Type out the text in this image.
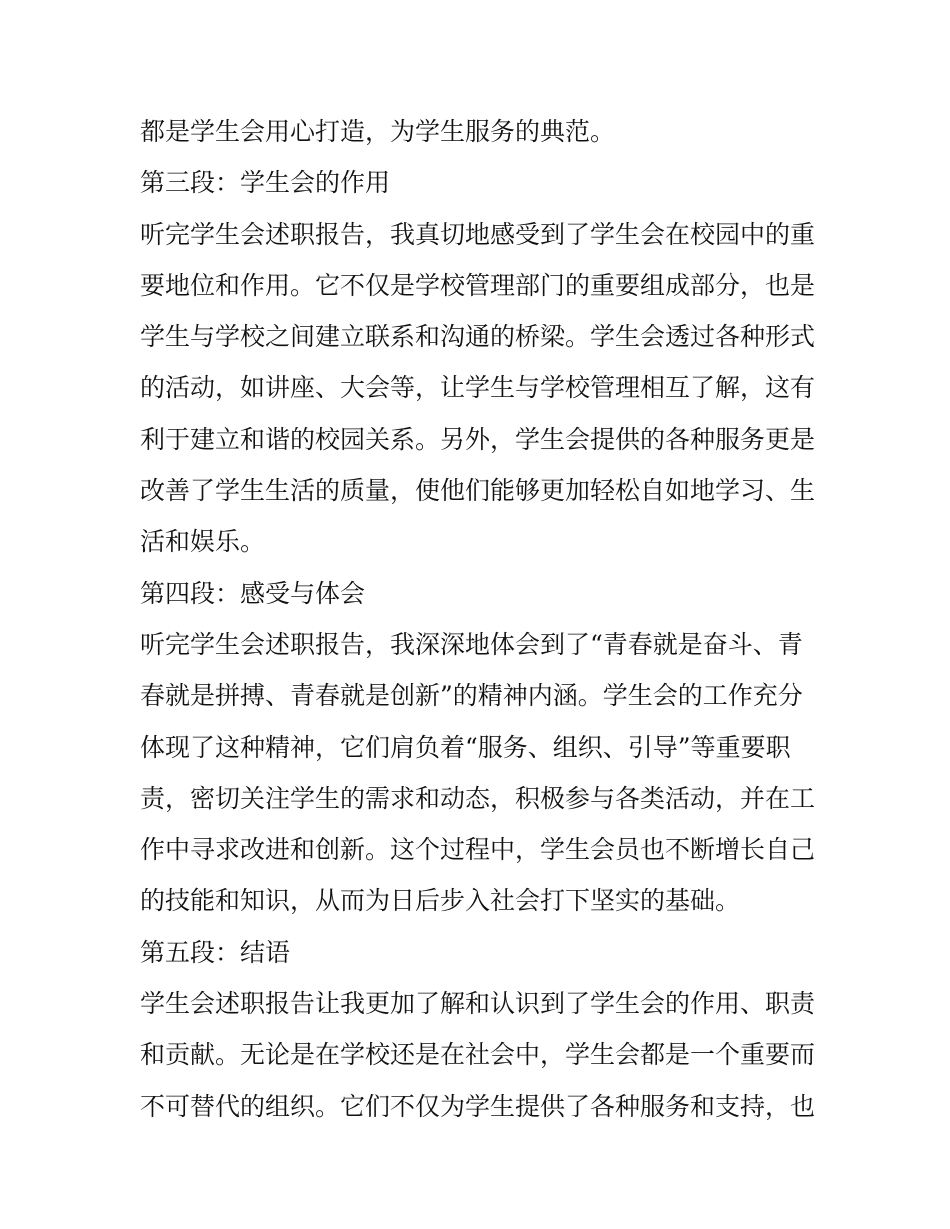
都是学生会用心打造，为学生服务的典范。

第三段：学生会的作用

听完学生会述职报告，我真切地感受到了学生会在校园中的重

要地位和作用。它不仅是学校管理部门的重要组成部分，也是

学生与学校之间建立联系和沟通的桥梁。学生会透过各种形式

的活动，如讲座、大会等，让学生与学校管理相互了解，这有

利于建立和谐的校园关系。另外，学生会提供的各种服务更是

改善了学生生活的质量，使他们能够更加轻松自如地学习、生

活和娱乐。

第四段：感受与体会

听完学生会述职报告，我深深地体会到了“青春就是奋斗、青

春就是拼搏、青春就是创新”的精神内涵。学生会的工作充分

体现了这种精神，它们肩负着“服务、组织、引导”等重要职

责，密切关注学生的需求和动态，积极参与各类活动，并在工

作中寻求改进和创新。这个过程中，学生会员也不断增长自己

的技能和知识，从而为日后步入社会打下坚实的基础。

第五段：结语

学生会述职报告让我更加了解和认识到了学生会的作用、职责

和贡献。无论是在学校还是在社会中，学生会都是一个重要而

不可替代的组织。它们不仅为学生提供了各种服务和支持，也
